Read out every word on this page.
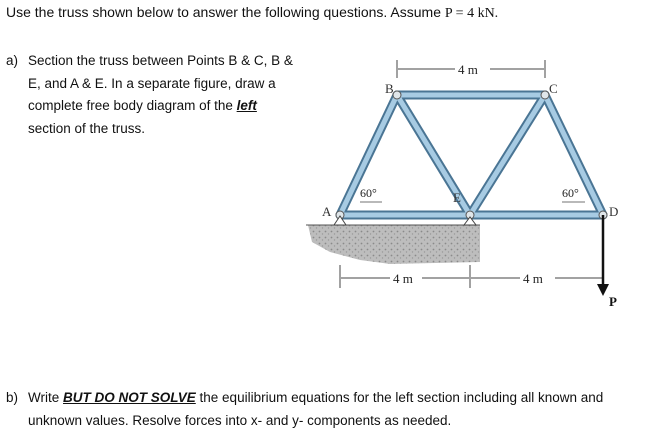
Use the truss shown below to answer the following questions. Assume P = 4 kN.
a) Section the truss between Points B & C, B & E, and A & E. In a separate figure, draw a complete free body diagram of the left section of the truss.
A
B	C
D
E
60°	60°
4 m
4 m	4 m
P
b) Write BUT DO NOT SOLVE the equilibrium equations for the left section including all known and unknown values. Resolve forces into x- and y- components as needed.
